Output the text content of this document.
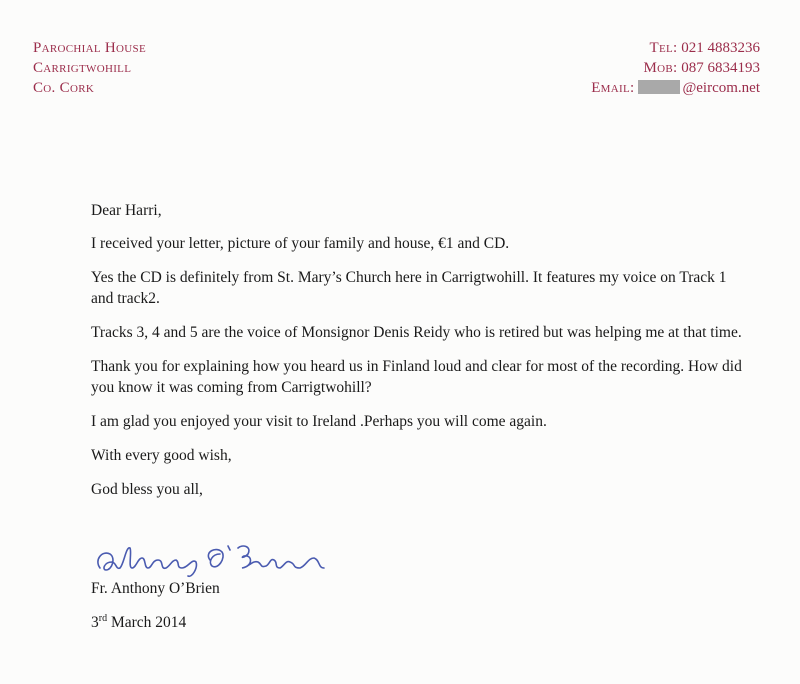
Parochial House
Carrigtwohill
Co. Cork
Tel: 021 4883236
Mob: 087 6834193
Email:	@eircom.net

Dear Harri,

I received your letter, picture of your family and house, €1 and CD.

Yes the CD is definitely from St. Mary’s Church here in Carrigtwohill. It features my voice on Track 1 and track2.

Tracks 3, 4 and 5 are the voice of Monsignor Denis Reidy who is retired but was helping me at that time.

Thank you for explaining how you heard us in Finland loud and clear for most of the recording. How did you know it was coming from Carrigtwohill?

I am glad you enjoyed your visit to Ireland .Perhaps you will come again.

With every good wish,

God bless you all,

Anthony O'Brien
Fr. Anthony O’Brien
3rd March 2014
